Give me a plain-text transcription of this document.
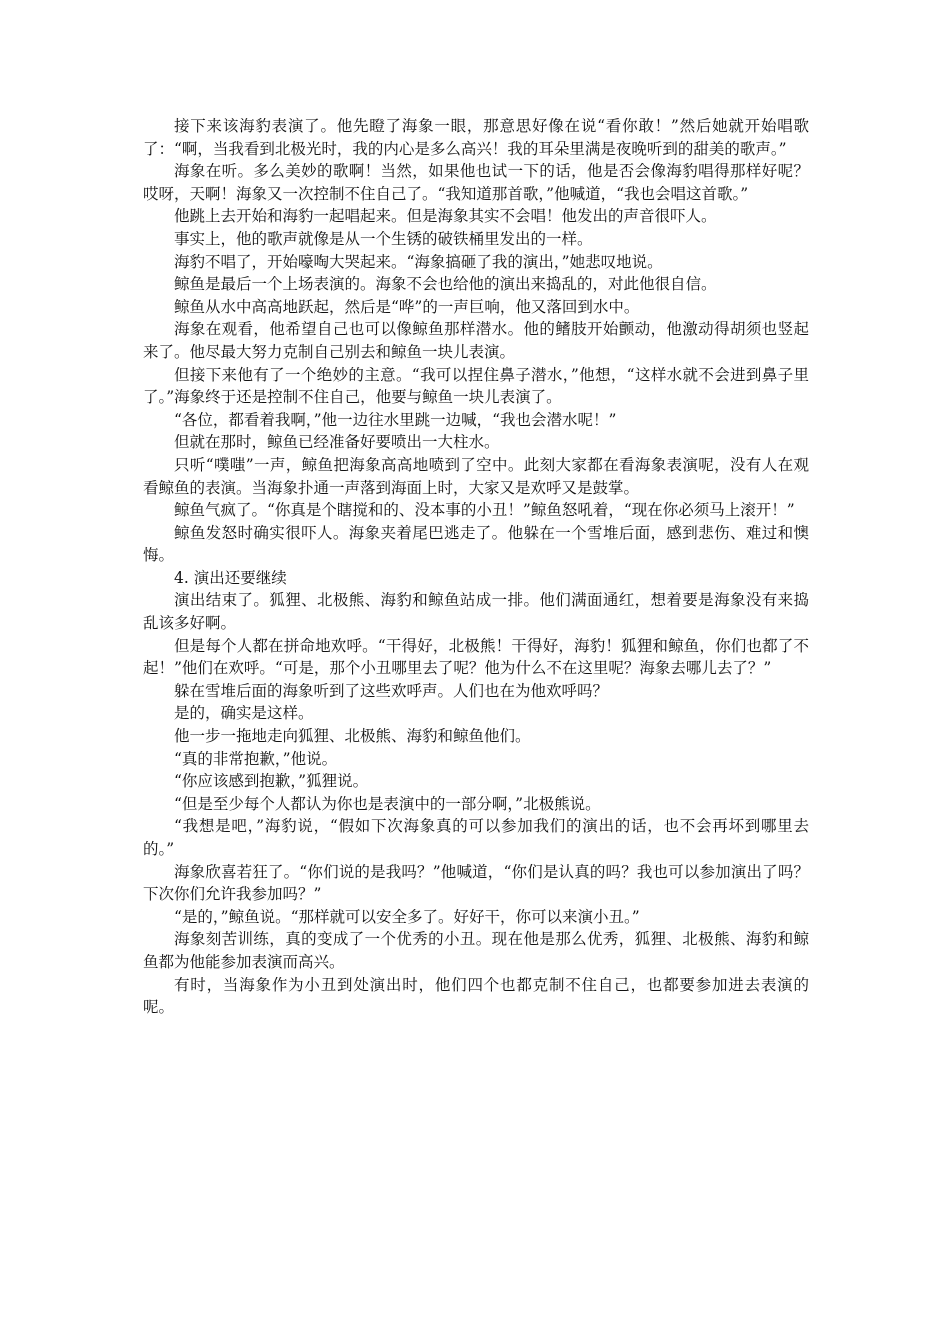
接下来该海豹表演了。他先瞪了海象一眼，那意思好像在说“看你敢！”然后她就开始唱歌了：“啊，当我看到北极光时，我的内心是多么高兴！我的耳朵里满是夜晚听到的甜美的歌声。”

海象在听。多么美妙的歌啊！当然，如果他也试一下的话，他是否会像海豹唱得那样好呢？哎呀，天啊！海象又一次控制不住自己了。“我知道那首歌，”他喊道，“我也会唱这首歌。”

他跳上去开始和海豹一起唱起来。但是海象其实不会唱！他发出的声音很吓人。

事实上，他的歌声就像是从一个生锈的破铁桶里发出的一样。

海豹不唱了，开始嚎啕大哭起来。“海象搞砸了我的演出，”她悲叹地说。

鲸鱼是最后一个上场表演的。海象不会也给他的演出来捣乱的，对此他很自信。

鲸鱼从水中高高地跃起，然后是“哗”的一声巨响，他又落回到水中。

海象在观看，他希望自己也可以像鲸鱼那样潜水。他的鳍肢开始颤动，他激动得胡须也竖起来了。他尽最大努力克制自己别去和鲸鱼一块儿表演。

但接下来他有了一个绝妙的主意。“我可以捏住鼻子潜水，”他想，“这样水就不会进到鼻子里了。”海象终于还是控制不住自己，他要与鲸鱼一块儿表演了。

“各位，都看着我啊，”他一边往水里跳一边喊，“我也会潜水呢！”

但就在那时，鲸鱼已经准备好要喷出一大柱水。

只听“噗嗤”一声，鲸鱼把海象高高地喷到了空中。此刻大家都在看海象表演呢，没有人在观看鲸鱼的表演。当海象扑通一声落到海面上时，大家又是欢呼又是鼓掌。

鲸鱼气疯了。“你真是个瞎搅和的、没本事的小丑！”鲸鱼怒吼着，“现在你必须马上滚开！”

鲸鱼发怒时确实很吓人。海象夹着尾巴逃走了。他躲在一个雪堆后面，感到悲伤、难过和懊悔。

4. 演出还要继续

演出结束了。狐狸、北极熊、海豹和鲸鱼站成一排。他们满面通红，想着要是海象没有来捣乱该多好啊。

但是每个人都在拼命地欢呼。“干得好，北极熊！干得好，海豹！狐狸和鲸鱼，你们也都了不起！”他们在欢呼。“可是，那个小丑哪里去了呢？他为什么不在这里呢？海象去哪儿去了？”

躲在雪堆后面的海象听到了这些欢呼声。人们也在为他欢呼吗？

是的，确实是这样。

他一步一拖地走向狐狸、北极熊、海豹和鲸鱼他们。

“真的非常抱歉，”他说。

“你应该感到抱歉，”狐狸说。

“但是至少每个人都认为你也是表演中的一部分啊，”北极熊说。

“我想是吧，”海豹说，“假如下次海象真的可以参加我们的演出的话，也不会再坏到哪里去的。”

海象欣喜若狂了。“你们说的是我吗？”他喊道，“你们是认真的吗？我也可以参加演出了吗？下次你们允许我参加吗？”

“是的，”鲸鱼说。“那样就可以安全多了。好好干，你可以来演小丑。”

海象刻苦训练，真的变成了一个优秀的小丑。现在他是那么优秀，狐狸、北极熊、海豹和鲸鱼都为他能参加表演而高兴。

有时，当海象作为小丑到处演出时，他们四个也都克制不住自己，也都要参加进去表演的呢。
